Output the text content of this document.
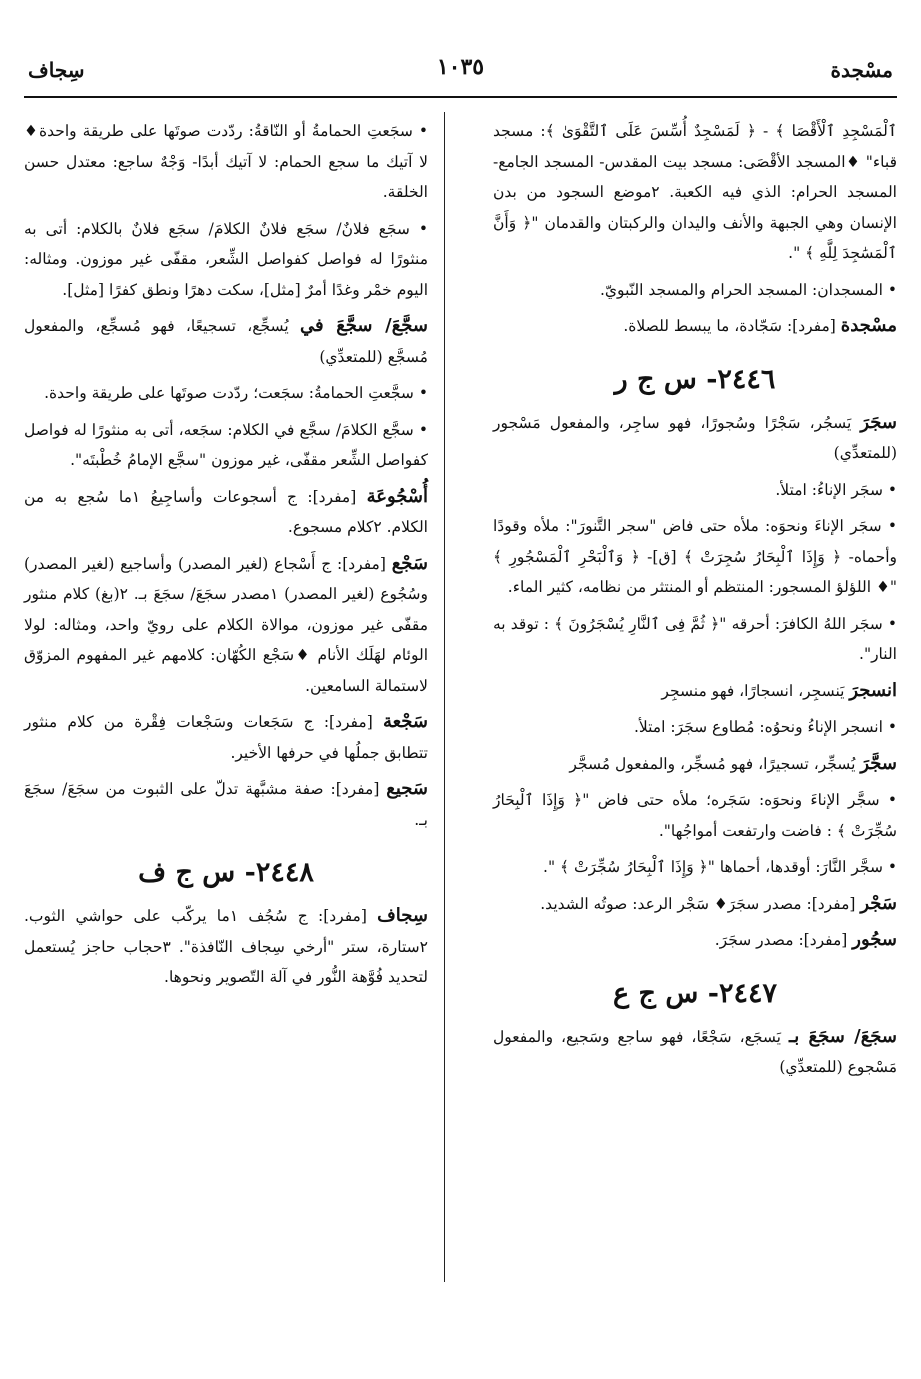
مسْجدة
١٠٣٥
سِجاف

ٱلْمَسْجِدِ ٱلْأَقْصَا ﴾ - ﴿ لَمَسْجِدٌ أُسِّسَ عَلَى ٱلتَّقْوَىٰ ﴾: مسجد قباء" ♦المسجد الأقْصَى: مسجد بيت المقدس- المسجد الجامع- المسجد الحرام: الذي فيه الكعبة. ٢موضع السجود من بدن الإنسان وهي الجبهة والأنف واليدان والركبتان والقدمان "﴿ وَأَنَّ ٱلْمَسَٰجِدَ لِلَّهِ ﴾ ".

• المسجدان: المسجد الحرام والمسجد النّبويّ.

مسْجدة [مفرد]: سَجّادة، ما يبسط للصلاة.

٢٤٤٦- س ج ر

سجَرَ يَسجُر، سَجْرًا وسُجورًا، فهو ساجِر، والمفعول مَسْجور (للمتعدِّي)

• سجَر الإناءُ: امتلأ.

• سجَر الإناءَ ونحوَه: ملأه حتى فاض "سجر التَّنورَ": ملأه وقودًا وأحماه- ﴿ وَإِذَا ٱلْبِحَارُ سُجِرَتْ ﴾ [ق]- ﴿ وَٱلْبَحْرِ ٱلْمَسْجُورِ ﴾ "♦ اللؤلؤ المسجور: المنتظم أو المنتثر من نظامه، كثير الماء.

• سجَر اللهُ الكافرَ: أحرقه "﴿ ثُمَّ فِى ٱلنَّارِ يُسْجَرُونَ ﴾ : توقد به النار".

انسجرَ يَنسجِر، انسجارًا، فهو منسجِر

• انسجر الإناءُ ونحوُه: مُطاوع سجَرَ: امتلأ.

سجَّرَ يُسجِّر، تسجيرًا، فهو مُسجِّر، والمفعول مُسجَّر

• سجَّر الإناءَ ونحوَه: سَجَره؛ ملأه حتى فاض "﴿ وَإِذَا ٱلْبِحَارُ سُجِّرَتْ ﴾ : فاضت وارتفعت أمواجُها".

• سجَّر النَّارَ: أوقدها، أحماها "﴿ وَإِذَا ٱلْبِحَارُ سُجِّرَتْ ﴾ ".

سَجْر [مفرد]: مصدر سجَرَ♦ سَجْر الرعد: صوتُه الشديد.

سجُور [مفرد]: مصدر سجَرَ.

٢٤٤٧- س ج ع

سجَعَ/ سجَعَ بـ يَسجَع، سَجْعًا، فهو ساجع وسَجيع، والمفعول مَسْجوع (للمتعدِّي)

• سجَعتِ الحمامةُ أو النّاقةُ: ردّدت صوتَها على طريقة واحدة♦ لا آتيك ما سجع الحمام: لا آتيك أبدًا- وَجْهٌ ساجع: معتدل حسن الخلقة.

• سجَع فلانٌ/ سجَع فلانٌ الكلامَ/ سجَع فلانٌ بالكلام: أتى به منثورًا له فواصل كفواصل الشِّعر، مقفّى غير موزون. ومثاله: اليوم خمْر وغدًا أمرٌ [مثل]، سكت دهرًا ونطق كفرًا [مثل].

سجَّعَ/ سجَّعَ في يُسجِّع، تسجيعًا، فهو مُسجِّع، والمفعول مُسجَّع (للمتعدِّي)

• سجَّعتِ الحمامةُ: سجَعت؛ ردّدت صوتَها على طريقة واحدة.

• سجَّع الكلامَ/ سجَّع في الكلام: سجَعه، أتى به منثورًا له فواصل كفواصل الشِّعر مقفّى، غير موزون "سجَّع الإمامُ خُطْبتَه".

أُسْجُوعَة [مفرد]: ج أسجوعات وأساجِيعُ ١ما سُجع به من الكلام. ٢كلام مسجوع.

سَجْع [مفرد]: ج أَسْجاع (لغير المصدر) وأساجيع (لغير المصدر) وسُجُوع (لغير المصدر) ١مصدر سجَعَ/ سجَعَ بـ. ٢(بغ) كلام منثور مقفّى غير موزون، موالاة الكلام على رويّ واحد، ومثاله: لولا الوئام لهَلَك الأنام ♦سَجْع الكُهّان: كلامهم غير المفهوم المزوّق لاستمالة السامعين.

سَجْعة [مفرد]: ج سَجَعات وسَجْعات فِقْرة من كلام منثور تتطابق جملُها في حرفها الأخير.

سَجيع [مفرد]: صفة مشبَّهة تدلّ على الثبوت من سجَعَ/ سجَعَ بـ.

٢٤٤٨- س ج ف

سِجاف [مفرد]: ج سُجُف ١ما يركّب على حواشي الثوب. ٢ستارة، ستر "أرخي سِجاف النّافذة". ٣حجاب حاجز يُستعمل لتحديد فُوَّهة النُّور في آلة التّصوير ونحوها.
